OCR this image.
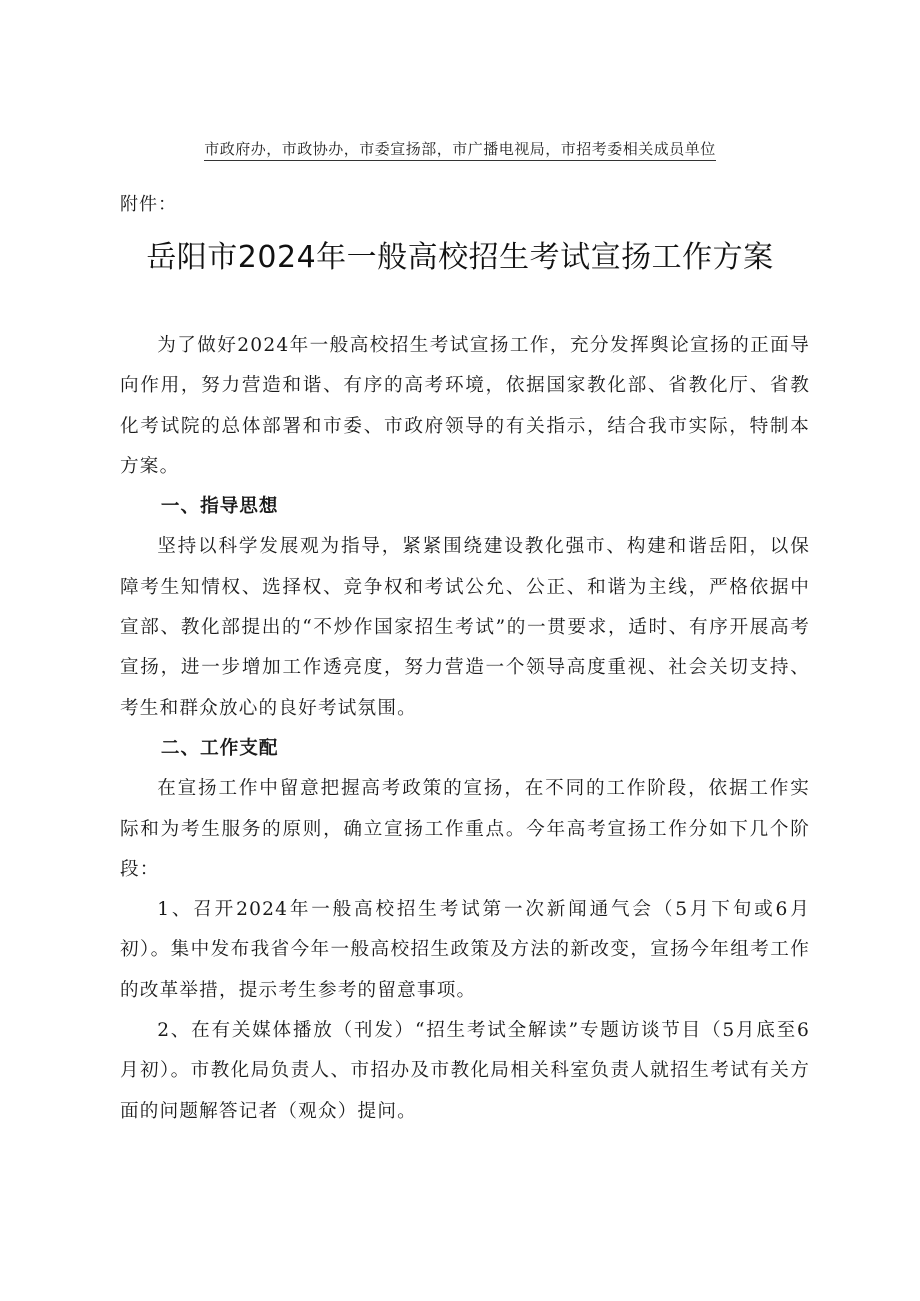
市政府办，市政协办，市委宣扬部，市广播电视局，市招考委相关成员单位
附件：
岳阳市2024年一般高校招生考试宣扬工作方案

为了做好2024年一般高校招生考试宣扬工作，充分发挥舆论宣扬的正面导向作用，努力营造和谐、有序的高考环境，依据国家教化部、省教化厅、省教化考试院的总体部署和市委、市政府领导的有关指示，结合我市实际，特制本方案。

一、指导思想

坚持以科学发展观为指导，紧紧围绕建设教化强市、构建和谐岳阳，以保障考生知情权、选择权、竞争权和考试公允、公正、和谐为主线，严格依据中宣部、教化部提出的“不炒作国家招生考试”的一贯要求，适时、有序开展高考宣扬，进一步增加工作透亮度，努力营造一个领导高度重视、社会关切支持、考生和群众放心的良好考试氛围。

二、工作支配

在宣扬工作中留意把握高考政策的宣扬，在不同的工作阶段，依据工作实际和为考生服务的原则，确立宣扬工作重点。今年高考宣扬工作分如下几个阶段：

1、召开2024年一般高校招生考试第一次新闻通气会（5月下旬或6月初）。集中发布我省今年一般高校招生政策及方法的新改变，宣扬今年组考工作的改革举措，提示考生参考的留意事项。

2、在有关媒体播放（刊发）“招生考试全解读”专题访谈节目（5月底至6月初）。市教化局负责人、市招办及市教化局相关科室负责人就招生考试有关方面的问题解答记者（观众）提问。
